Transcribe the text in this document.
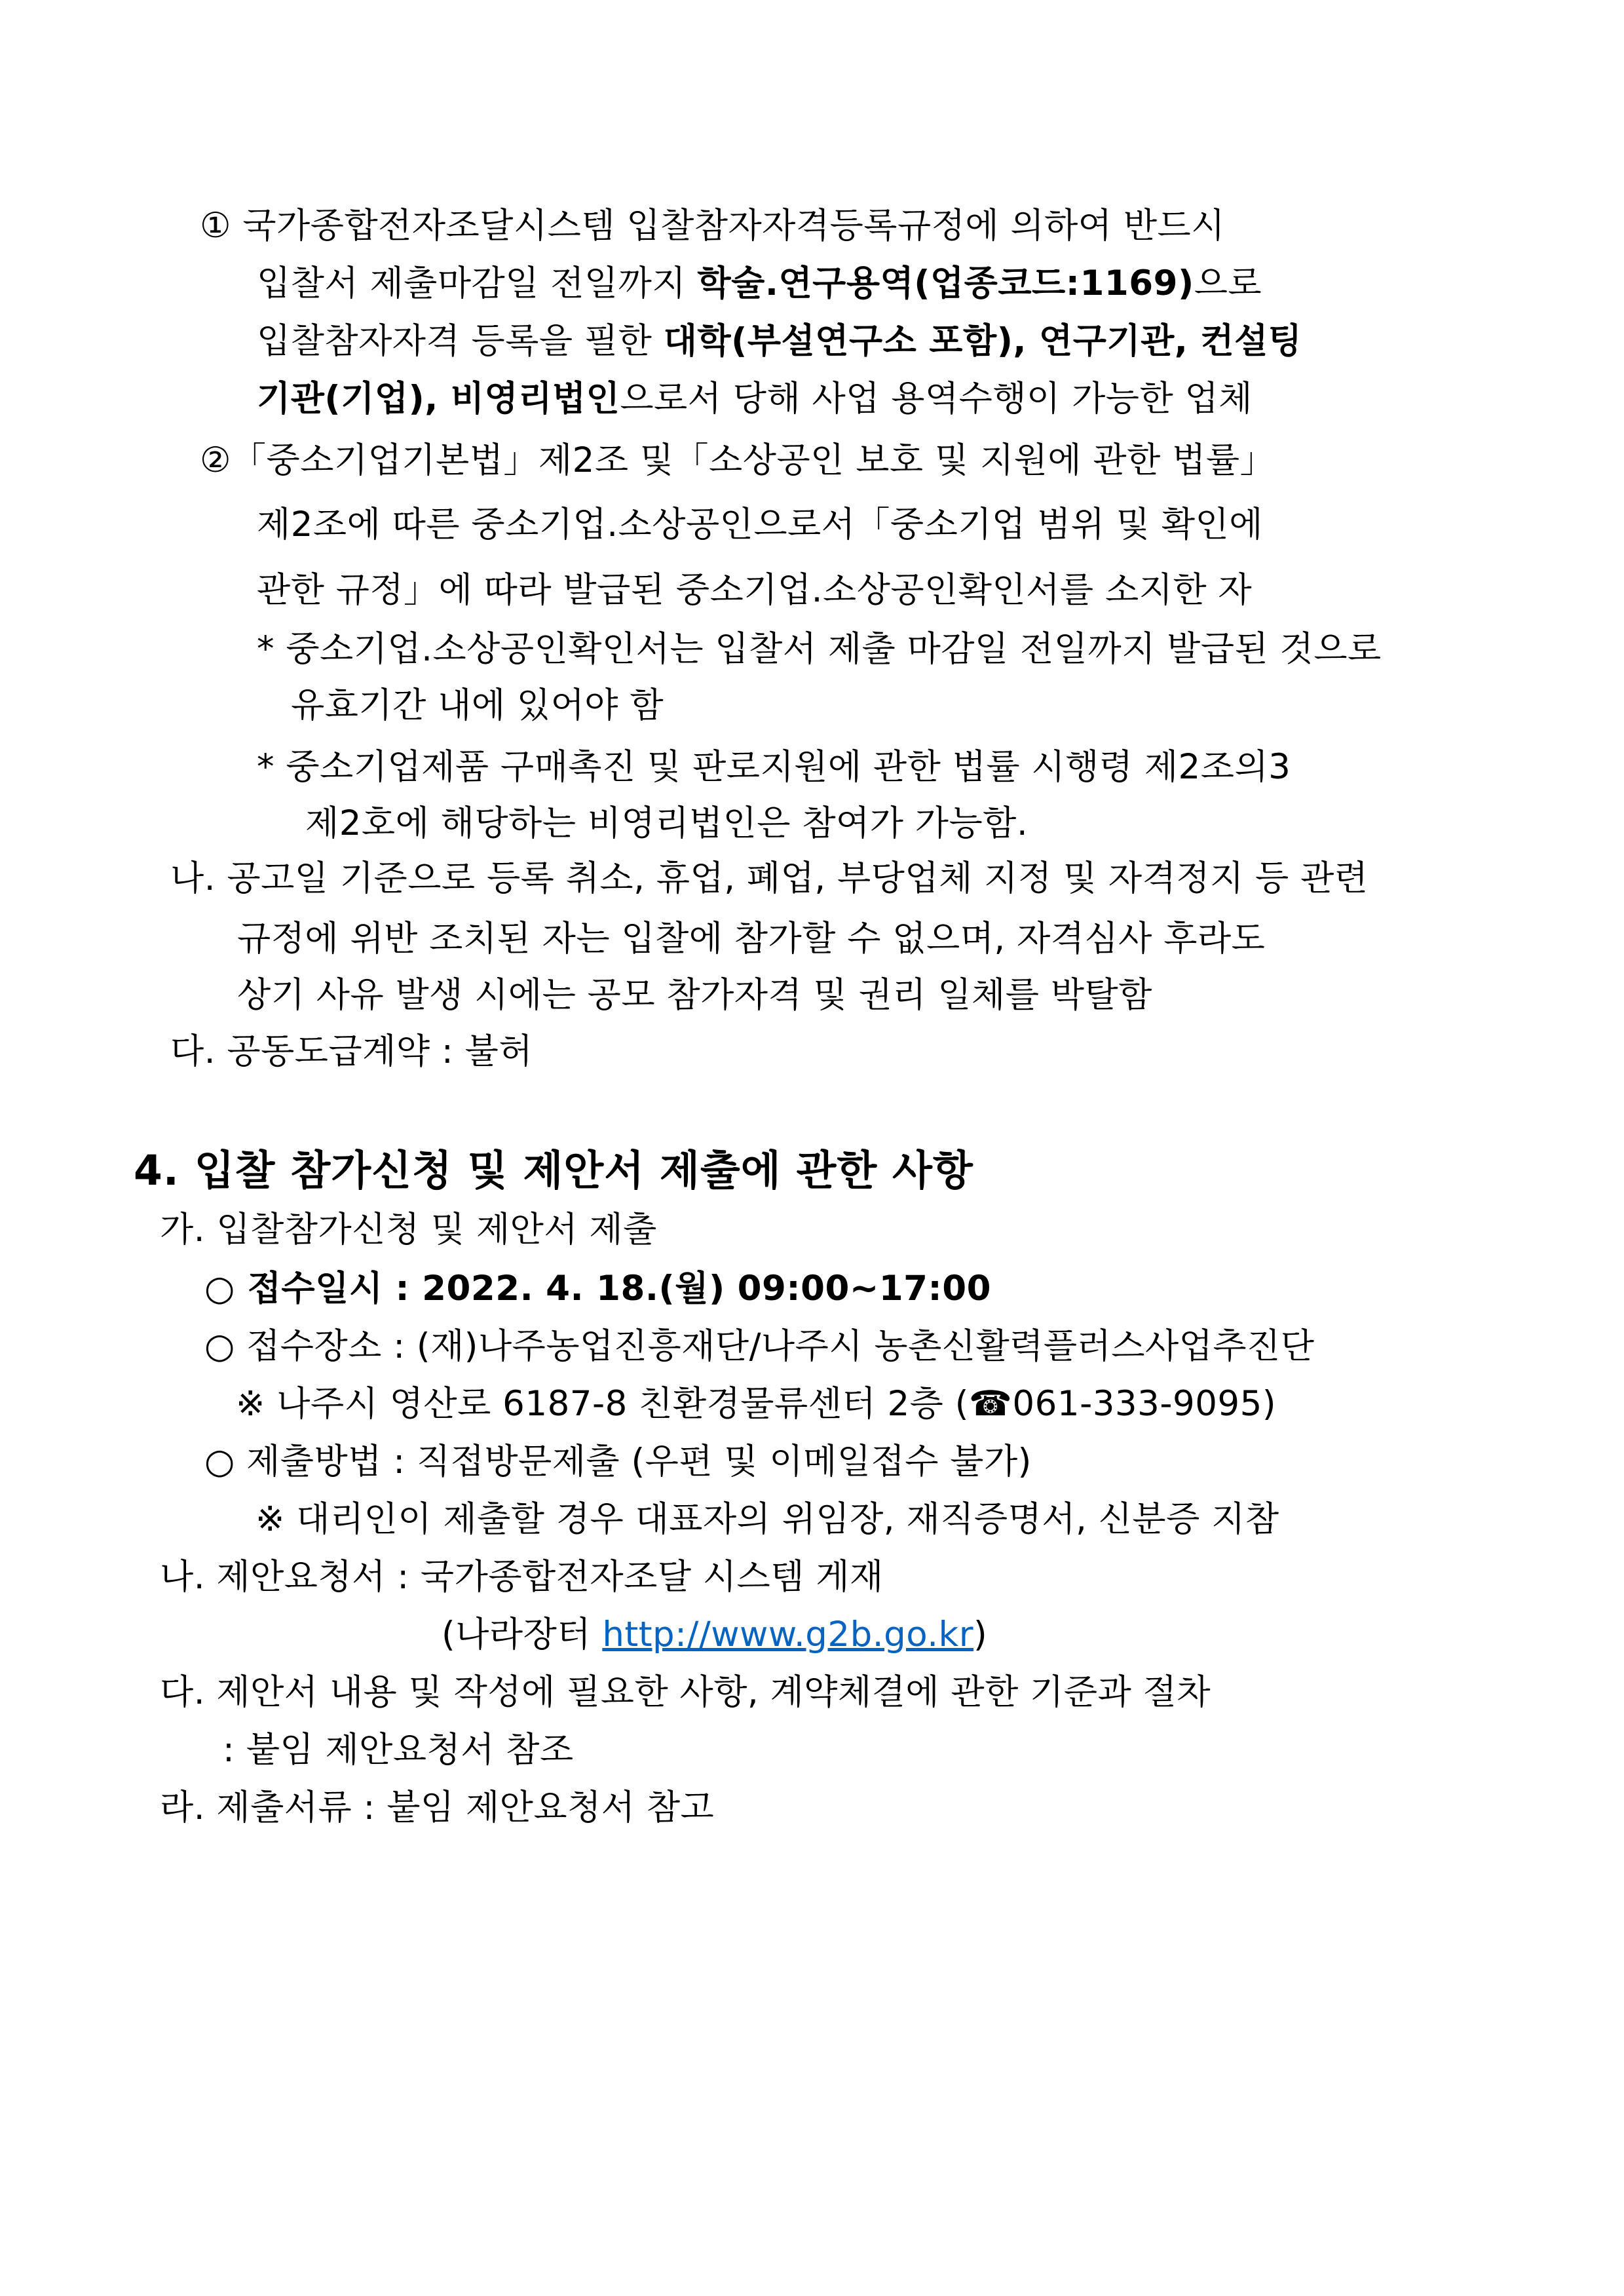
① 국가종합전자조달시스템 입찰참자자격등록규정에 의하여 반드시
입찰서 제출마감일 전일까지 학술.연구용역(업종코드:1169)으로
입찰참자자격 등록을 필한 대학(부설연구소 포함), 연구기관, 컨설팅
기관(기업), 비영리법인으로서 당해 사업 용역수행이 가능한 업체
②「중소기업기본법」제2조 및「소상공인 보호 및 지원에 관한 법률」
제2조에 따른 중소기업.소상공인으로서「중소기업 범위 및 확인에
관한 규정」에 따라 발급된 중소기업.소상공인확인서를 소지한 자
* 중소기업.소상공인확인서는 입찰서 제출 마감일 전일까지 발급된 것으로
유효기간 내에 있어야 함
* 중소기업제품 구매촉진 및 판로지원에 관한 법률 시행령 제2조의3
제2호에 해당하는 비영리법인은 참여가 가능함.
나. 공고일 기준으로 등록 취소, 휴업, 폐업, 부당업체 지정 및 자격정지 등 관련
규정에 위반 조치된 자는 입찰에 참가할 수 없으며, 자격심사 후라도
상기 사유 발생 시에는 공모 참가자격 및 권리 일체를 박탈함
다. 공동도급계약 : 불허
4. 입찰 참가신청 및 제안서 제출에 관한 사항
가. 입찰참가신청 및 제안서 제출
○ 접수일시 : 2022. 4. 18.(월) 09:00~17:00
○ 접수장소 : (재)나주농업진흥재단/나주시 농촌신활력플러스사업추진단
※ 나주시 영산로 6187-8 친환경물류센터 2층 (☎061-333-9095)
○ 제출방법 : 직접방문제출 (우편 및 이메일접수 불가)
※ 대리인이 제출할 경우 대표자의 위임장, 재직증명서, 신분증 지참
나. 제안요청서 : 국가종합전자조달 시스템 게재
(나라장터 http://www.g2b.go.kr)
다. 제안서 내용 및 작성에 필요한 사항, 계약체결에 관한 기준과 절차
: 붙임 제안요청서 참조
라. 제출서류 : 붙임 제안요청서 참고
